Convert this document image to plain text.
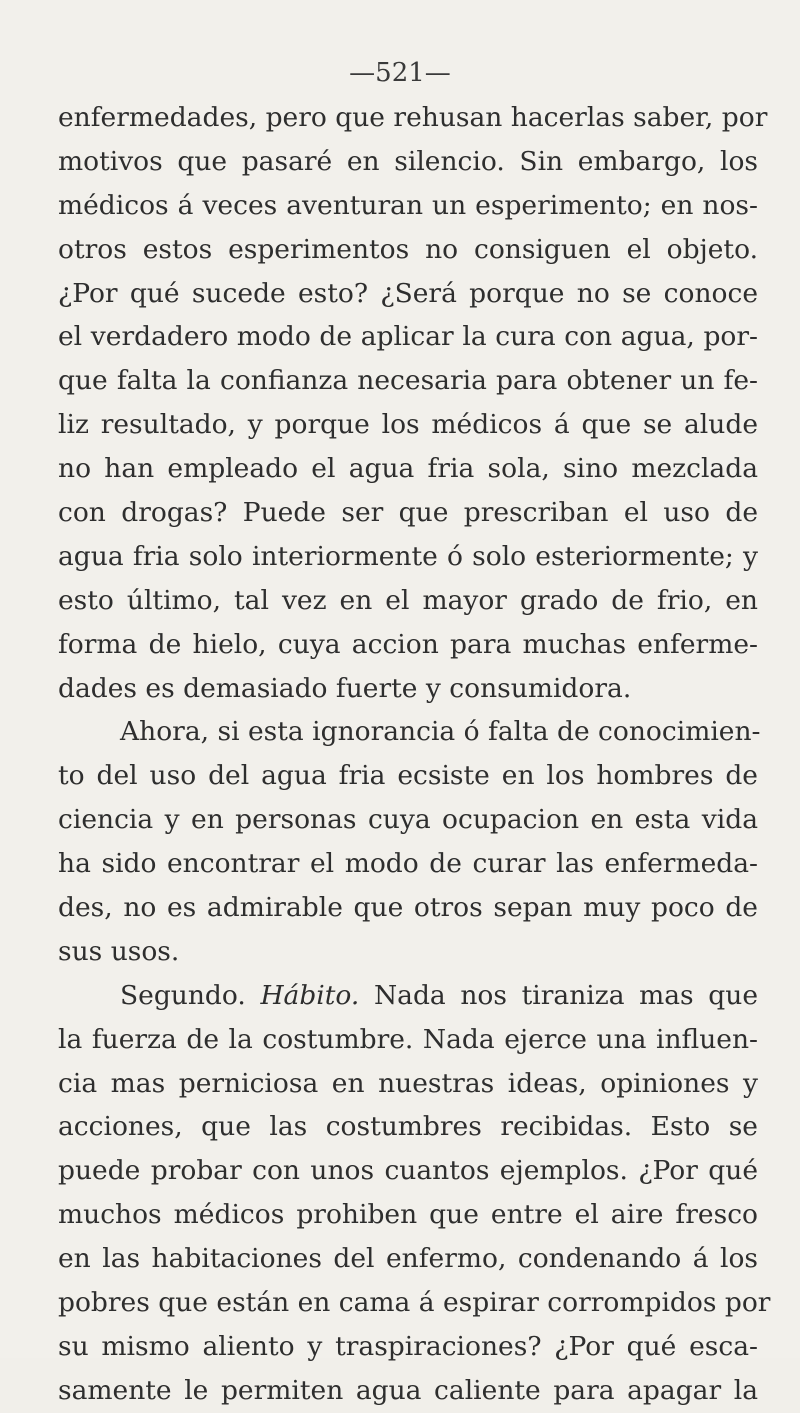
—521—
enfermedades, pero que rehusan hacerlas saber, por
motivos que pasaré en silencio. Sin embargo, los
médicos á veces aventuran un esperimento; en nos-
otros estos esperimentos no consiguen el objeto.
¿Por qué sucede esto? ¿Será porque no se conoce
el verdadero modo de aplicar la cura con agua, por-
que falta la confianza necesaria para obtener un fe-
liz resultado, y porque los médicos á que se alude
no han empleado el agua fria sola, sino mezclada
con drogas? Puede ser que prescriban el uso de
agua fria solo interiormente ó solo esteriormente; y
esto último, tal vez en el mayor grado de frio, en
forma de hielo, cuya accion para muchas enferme-
dades es demasiado fuerte y consumidora.
Ahora, si esta ignorancia ó falta de conocimien-
to del uso del agua fria ecsiste en los hombres de
ciencia y en personas cuya ocupacion en esta vida
ha sido encontrar el modo de curar las enfermeda-
des, no es admirable que otros sepan muy poco de
sus usos.
Segundo. Hábito. Nada nos tiraniza mas que
la fuerza de la costumbre. Nada ejerce una influen-
cia mas perniciosa en nuestras ideas, opiniones y
acciones, que las costumbres recibidas. Esto se
puede probar con unos cuantos ejemplos. ¿Por qué
muchos médicos prohiben que entre el aire fresco
en las habitaciones del enfermo, condenando á los
pobres que están en cama á espirar corrompidos por
su mismo aliento y traspiraciones? ¿Por qué esca-
samente le permiten agua caliente para apagar la
